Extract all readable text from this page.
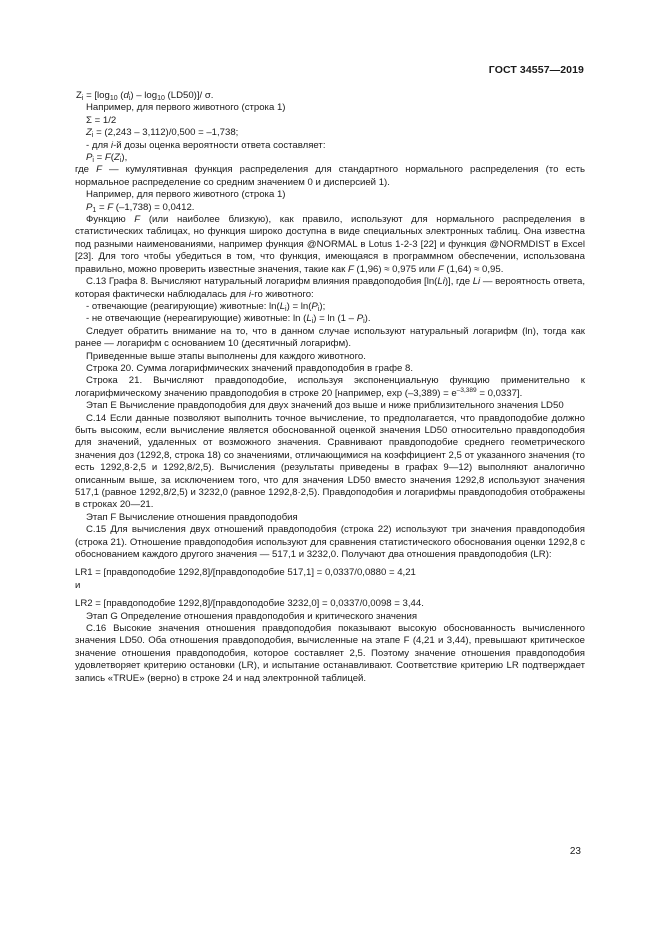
ГОСТ 34557—2019

$Z_i = [\log_{10}$ $(d_i) - \log_{10} (LD50)]/$ σ.

Например, для первого животного (строка 1)

Σ = 1/2

$Z_i = (2,243 - 3,112)/0,500 = -1,738$;

- для i-й дозы оценка вероятности ответа составляет:

$P_i = F(Z_i)$,

где F — кумулятивная функция распределения для стандартного нормального распределения (то есть нормальное распределение со средним значением 0 и дисперсией 1).

Например, для первого животного (строка 1)

$P_1 = F$ (–1,738) = 0,0412.

Функцию F (или наиболее близкую), как правило, используют для нормального распределения в статистических таблицах, но функция широко доступна в виде специальных электронных таблиц. Она известна под разными наименованиями, например функция @NORMAL в Lotus 1-2-3 [22] и функция @NORMDIST в Excel [23]. Для того чтобы убедиться в том, что функция, имеющаяся в программном обеспечении, использована правильно, можно проверить известные значения, такие как F (1,96) ≈ 0,975 или F (1,64) ≈ 0,95.

С.13 Графа 8. Вычисляют натуральный логарифм влияния правдоподобия [ln(Li)], где Li — вероятность ответа, которая фактически наблюдалась для i-го животного:

- отвечающие (реагирующие) животные: $\ln(L_i) = \ln(P_i)$;

- не отвечающие (нереагирующие) животные: $\ln (L_i) = \ln (1 - P_i)$.

Следует обратить внимание на то, что в данном случае используют натуральный логарифм (ln), тогда как ранее — логарифм с основанием 10 (десятичный логарифм).

Приведенные выше этапы выполнены для каждого животного.

Строка 20. Сумма логарифмических значений правдоподобия в графе 8.

Строка 21. Вычисляют правдоподобие, используя экспоненциальную функцию применительно к логарифмическому значению правдоподобия в строке 20 [например, $\exp (-3,389) = e^{-3,389} = 0,0337$].

Этап E Вычисление правдоподобия для двух значений доз выше и ниже приблизительного значения LD50

С.14 Если данные позволяют выполнить точное вычисление, то предполагается, что правдоподобие должно быть высоким, если вычисление является обоснованной оценкой значения LD50 относительно правдоподобия для значений, удаленных от возможного значения. Сравнивают правдоподобие среднего геометрического значения доз (1292,8, строка 18) со значениями, отличающимися на коэффициент 2,5 от указанного значения (то есть 1292,8·2,5 и 1292,8/2,5). Вычисления (результаты приведены в графах 9—12) выполняют аналогично описанным выше, за исключением того, что для значения LD50 вместо значения 1292,8 используют значения 517,1 (равное 1292,8/2,5) и 3232,0 (равное 1292,8·2,5). Правдоподобия и логарифмы правдоподобия отображены в строках 20—21.

Этап F Вычисление отношения правдоподобия

С.15 Для вычисления двух отношений правдоподобия (строка 22) используют три значения правдоподобия (строка 21). Отношение правдоподобия используют для сравнения статистического обоснования оценки 1292,8 с обоснованием каждого другого значения — 517,1 и 3232,0. Получают два отношения правдоподобия (LR):

LR1 = [правдоподобие 1292,8]/[правдоподобие 517,1] = 0,0337/0,0880 = 4,21

и

LR2 = [правдоподобие 1292,8]/[правдоподобие 3232,0] = 0,0337/0,0098 = 3,44.

Этап G Определение отношения правдоподобия и критического значения

С.16 Высокие значения отношения правдоподобия показывают высокую обоснованность вычисленного значения LD50. Оба отношения правдоподобия, вычисленные на этапе F (4,21 и 3,44), превышают критическое значение отношения правдоподобия, которое составляет 2,5. Поэтому значение отношения правдоподобия удовлетворяет критерию остановки (LR), и испытание останавливают. Соответствие критерию LR подтверждает запись «TRUE» (верно) в строке 24 и над электронной таблицей.

23
